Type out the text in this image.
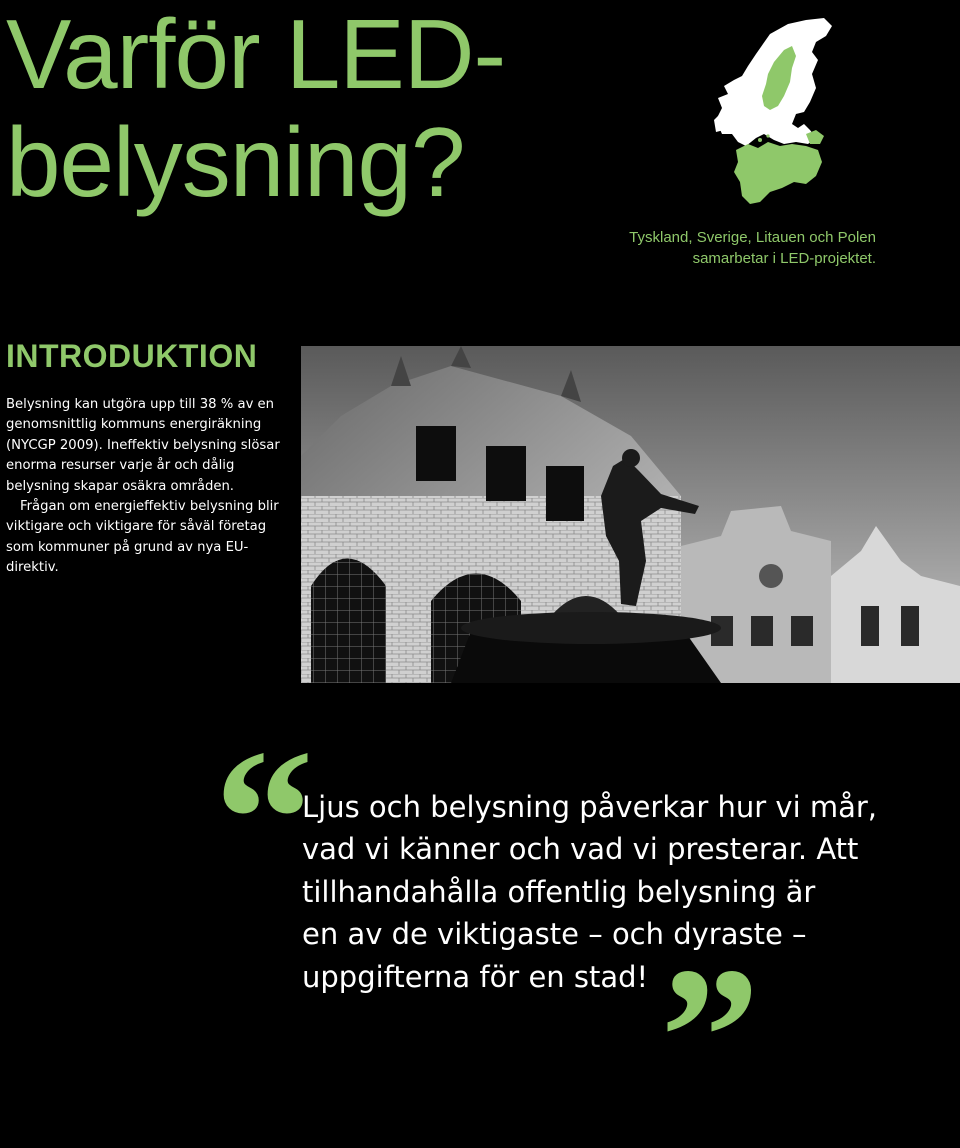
Varför LED-
belysning?
Tyskland, Sverige, Litauen och Polen
samarbetar i LED-projektet.
INTRODUKTION

Belysning kan utgöra upp till 38 % av en genomsnittlig kommuns energiräkning (NYCGP 2009). Ineffektiv belysning slösar enorma resurser varje år och dålig belysning skapar osäkra områden.

Frågan om energieffektiv belysning blir viktigare och viktigare för såväl företag som kommuner på grund av nya EU-direktiv.

“

Ljus och belysning påverkar hur vi mår,
vad vi känner och vad vi presterar. Att
tillhandahålla offentlig belysning är
en av de viktigaste – och dyraste –
uppgifterna för en stad! ”
